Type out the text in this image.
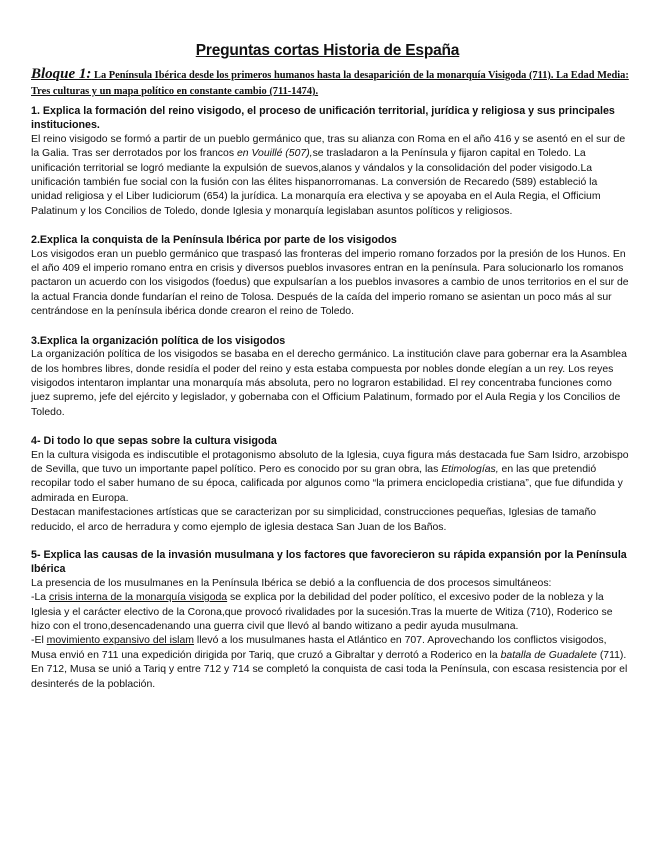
Preguntas cortas Historia de España
Bloque 1: La Península Ibérica desde los primeros humanos hasta la desaparición de la monarquía Visigoda (711). La Edad Media: Tres culturas y un mapa político en constante cambio (711-1474).

1. Explica la formación del reino visigodo, el proceso de unificación territorial, jurídica y religiosa y sus principales instituciones.

El reino visigodo se formó a partir de un pueblo germánico que, tras su alianza con Roma en el año 416 y se asentó en el sur de la Galia. Tras ser derrotados por los francos en Vouillé (507),se trasladaron a la Península y fijaron capital en Toledo. La unificación territorial se logró mediante la expulsión de suevos,alanos y vándalos y la consolidación del poder visigodo.La unificación también fue social con la fusión con las élites hispanorromanas. La conversión de Recaredo (589) estableció la unidad religiosa y el Liber Iudiciorum (654) la jurídica. La monarquía era electiva y se apoyaba en el Aula Regia, el Officium Palatinum y los Concilios de Toledo, donde Iglesia y monarquía legislaban asuntos políticos y religiosos.

2.Explica la conquista de la Península Ibérica por parte de los visigodos

Los visigodos eran un pueblo germánico que traspasó las fronteras del imperio romano forzados por la presión de los Hunos. En el año 409 el imperio romano entra en crisis y diversos pueblos invasores entran en la península. Para solucionarlo los romanos pactaron un acuerdo con los visigodos (foedus) que expulsarían a los pueblos invasores a cambio de unos territorios en el sur de la actual Francia donde fundarían el reino de Tolosa. Después de la caída del imperio romano se asientan un poco más al sur centrándose en la península ibérica donde crearon el reino de Toledo.

3.Explica la organización política de los visigodos

La organización política de los visigodos se basaba en el derecho germánico. La institución clave para gobernar era la Asamblea de los hombres libres, donde residía el poder del reino y esta estaba compuesta por nobles donde elegían a un rey. Los reyes visigodos intentaron implantar una monarquía más absoluta, pero no lograron estabilidad. El rey concentraba funciones como juez supremo, jefe del ejército y legislador, y gobernaba con el Officium Palatinum, formado por el Aula Regia y los Concilios de Toledo.

4- Di todo lo que sepas sobre la cultura visigoda

En la cultura visigoda es indiscutible el protagonismo absoluto de la Iglesia, cuya figura más destacada fue Sam Isidro, arzobispo de Sevilla, que tuvo un importante papel político. Pero es conocido por su gran obra, las Etimologías, en las que pretendió recopilar todo el saber humano de su época, calificada por algunos como “la primera enciclopedia cristiana”, que fue difundida y admirada en Europa.

Destacan manifestaciones artísticas que se caracterizan por su simplicidad, construcciones pequeñas, Iglesias de tamaño reducido, el arco de herradura y como ejemplo de iglesia destaca San Juan de los Baños.

5- Explica las causas de la invasión musulmana y los factores que favorecieron su rápida expansión por la Península Ibérica

La presencia de los musulmanes en la Península Ibérica se debió a la confluencia de dos procesos simultáneos:

-La crisis interna de la monarquía visigoda se explica por la debilidad del poder político, el excesivo poder de la nobleza y la Iglesia y el carácter electivo de la Corona,que provocó rivalidades por la sucesión.Tras la muerte de Witiza (710), Roderico se hizo con el trono,desencadenando una guerra civil que llevó al bando witizano a pedir ayuda musulmana.

-El movimiento expansivo del islam llevó a los musulmanes hasta el Atlántico en 707. Aprovechando los conflictos visigodos, Musa envió en 711 una expedición dirigida por Tariq, que cruzó a Gibraltar y derrotó a Roderico en la batalla de Guadalete (711). En 712, Musa se unió a Tariq y entre 712 y 714 se completó la conquista de casi toda la Península, con escasa resistencia por el desinterés de la población.
